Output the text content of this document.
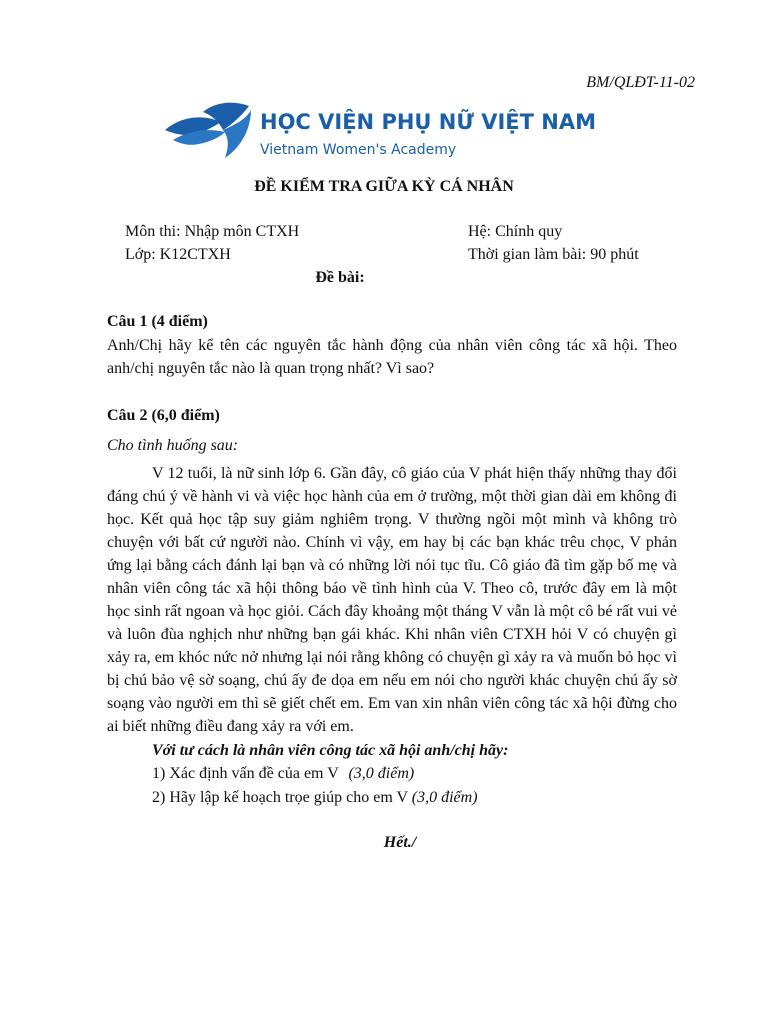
BM/QLĐT-11-02
HỌC VIỆN PHỤ NỮ VIỆT NAM
Vietnam Women's Academy
ĐỀ KIỂM TRA GIỮA KỲ CÁ NHÂN
Môn thi: Nhập môn CTXH	Hệ: Chính quy
Lớp: K12CTXH	Thời gian làm bài: 90 phút
Đề bài:
Câu 1 (4 điểm)

Anh/Chị hãy kể tên các nguyên tắc hành động của nhân viên công tác xã hội. Theo anh/chị nguyên tắc nào là quan trọng nhất? Vì sao?

Câu 2 (6,0 điểm)
Cho tình huống sau:

V 12 tuổi, là nữ sinh lớp 6. Gần đây, cô giáo của V phát hiện thấy những thay đổi đáng chú ý về hành vi và việc học hành của em ở trường, một thời gian dài em không đi học. Kết quả học tập suy giảm nghiêm trọng. V thường ngồi một mình và không trò chuyện với bất cứ người nào. Chính vì vậy, em hay bị các bạn khác trêu chọc, V phản ứng lại bằng cách đánh lại bạn và có những lời nói tục tĩu. Cô giáo đã tìm gặp bố mẹ và nhân viên công tác xã hội thông báo về tình hình của V. Theo cô, trước đây em là một học sinh rất ngoan và học giỏi. Cách đây khoảng một tháng V vẫn là một cô bé rất vui vẻ và luôn đùa nghịch như những bạn gái khác. Khi nhân viên CTXH hỏi V có chuyện gì xảy ra, em khóc nức nở nhưng lại nói rằng không có chuyện gì xảy ra và muốn bỏ học vì bị chú bảo vệ sờ soạng, chú ấy đe dọa em nếu em nói cho người khác chuyện chú ấy sờ soạng vào người em thì sẽ giết chết em. Em van xin nhân viên công tác xã hội đừng cho ai biết những điều đang xảy ra với em.

Với tư cách là nhân viên công tác xã hội anh/chị hãy:
1) Xác định vấn đề của em V (3,0 điểm)
2) Hãy lập kế hoạch trọe giúp cho em V (3,0 điểm)
Hết./
